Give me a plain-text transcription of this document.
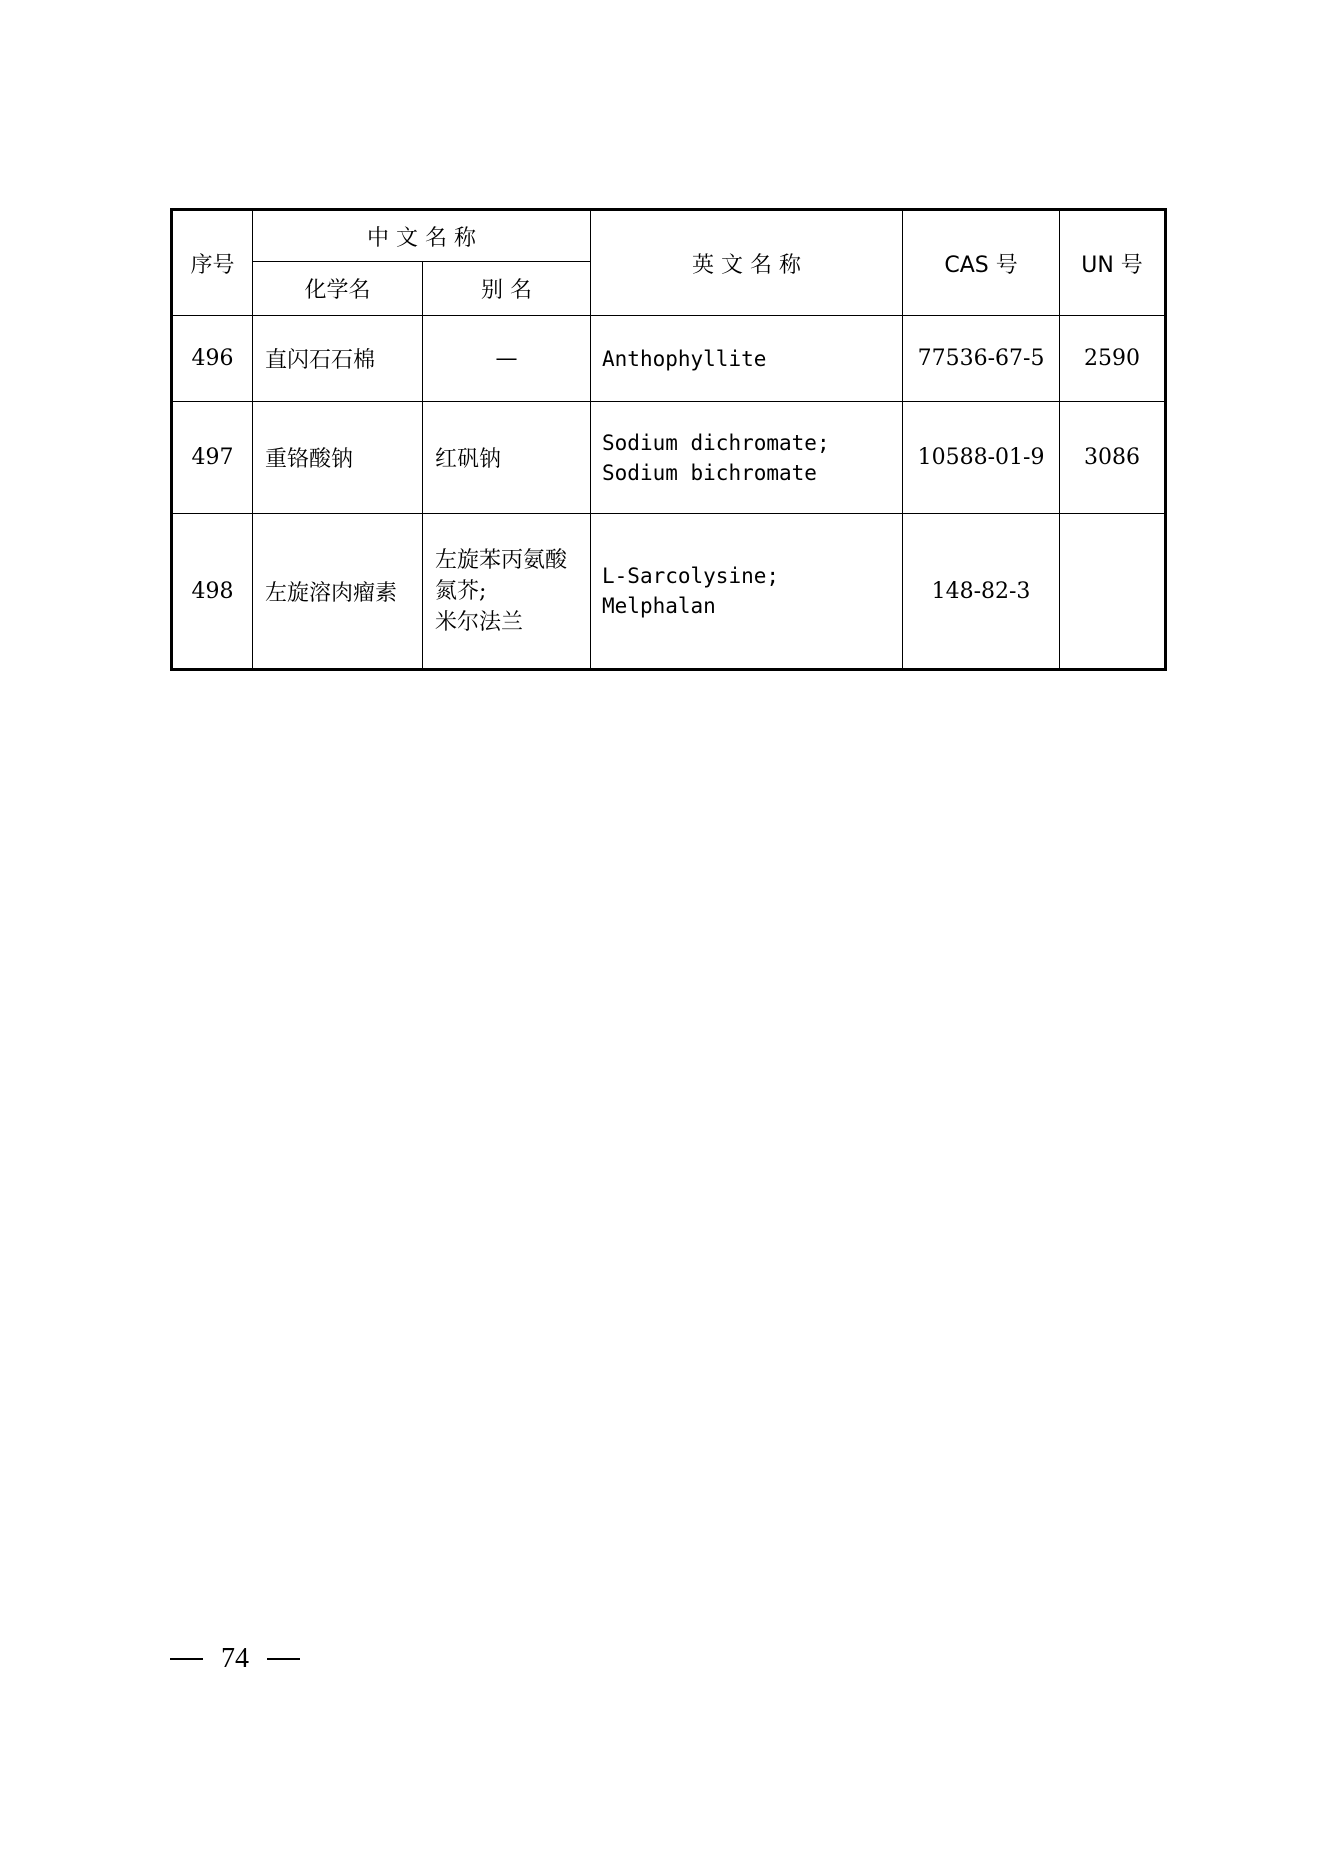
序号	中 文 名 称		英 文 名 称	CAS 号	UN 号
	化学名	别 名			
496	直闪石石棉	—	Anthophyllite	77536-67-5	2590
497	重铬酸钠	红矾钠	Sodium dichromate; Sodium bichromate	10588-01-9	3086
498	左旋溶肉瘤素	左旋苯丙氨酸
氮芥;
米尔法兰	L-Sarcolysine; Melphalan	148-82-3	
74
